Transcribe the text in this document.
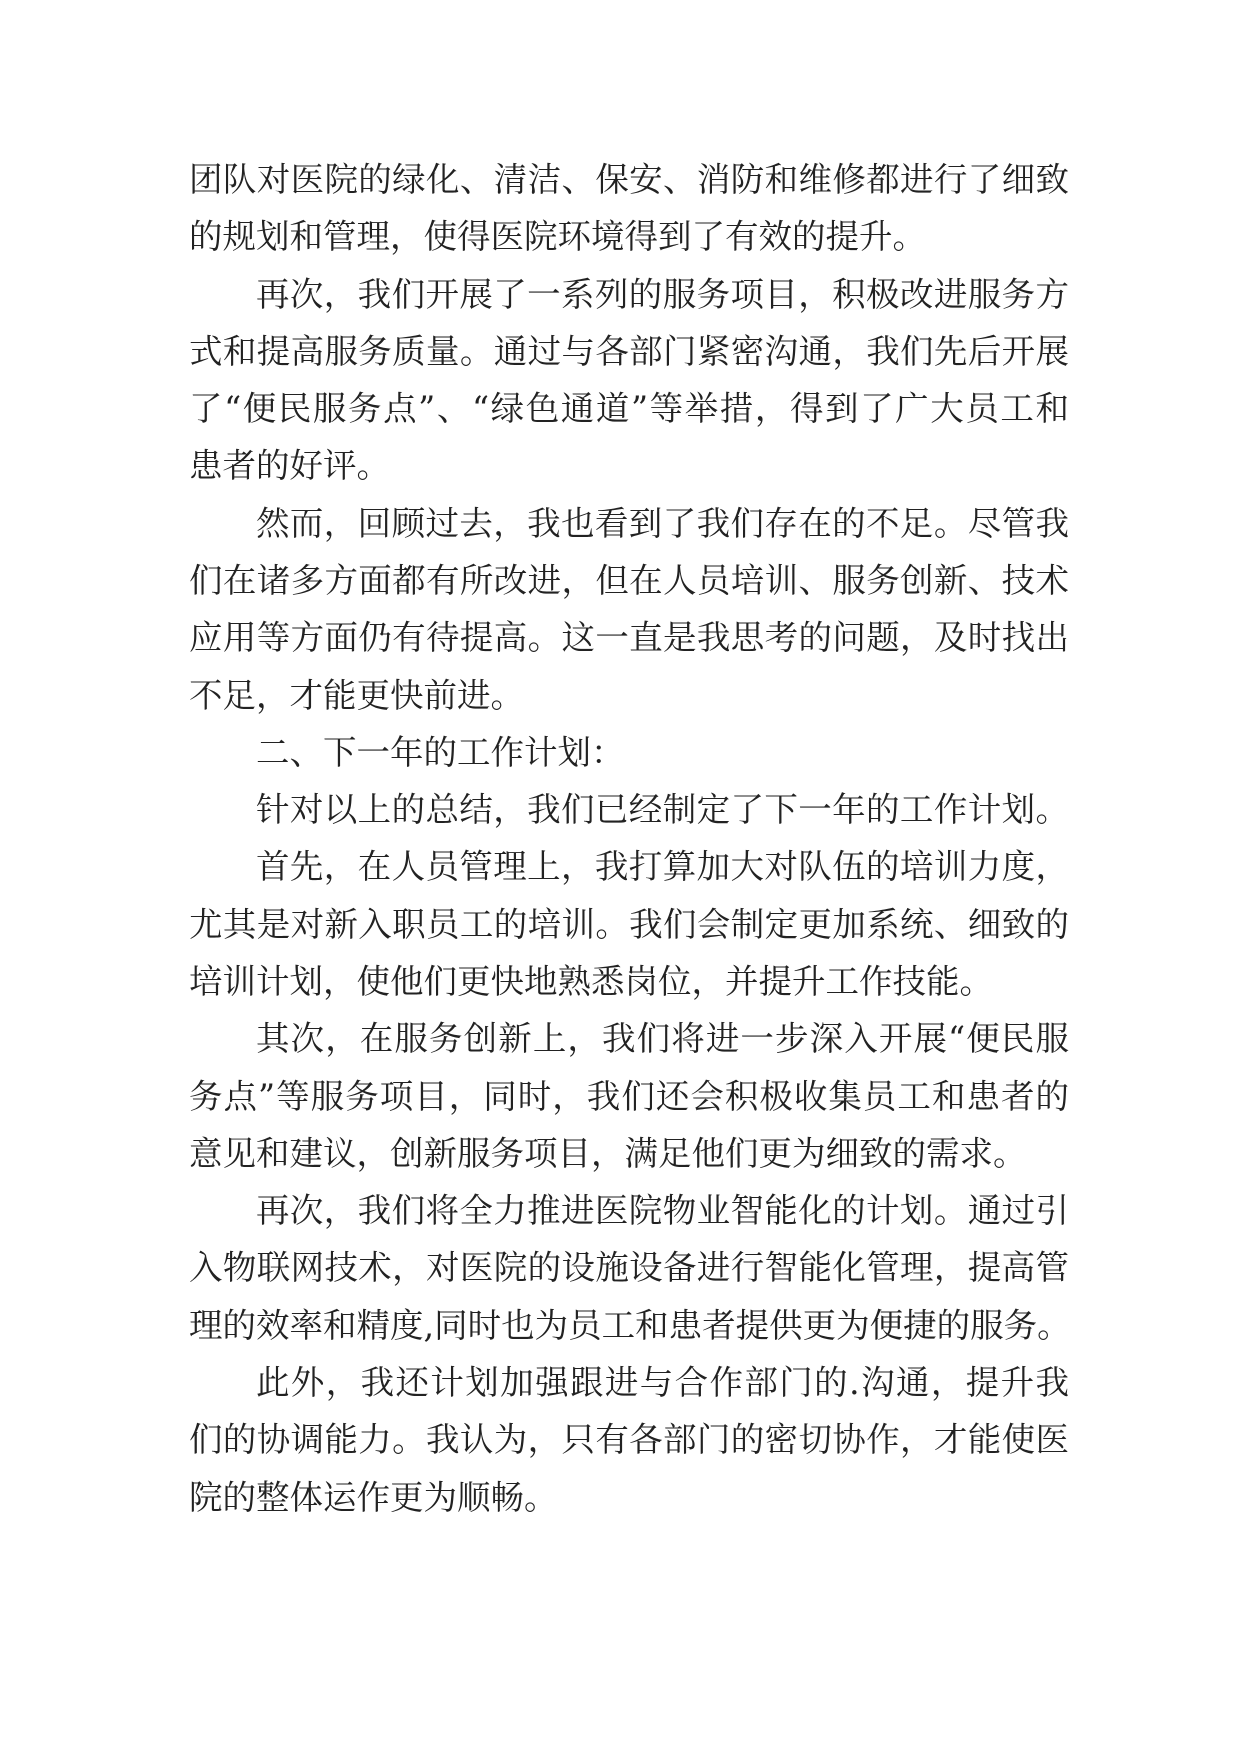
团队对医院的绿化、清洁、保安、消防和维修都进行了细致
的规划和管理，使得医院环境得到了有效的提升。
再次，我们开展了一系列的服务项目，积极改进服务方
式和提高服务质量。通过与各部门紧密沟通，我们先后开展
了“便民服务点”、“绿色通道”等举措，得到了广大员工和
患者的好评。
然而，回顾过去，我也看到了我们存在的不足。尽管我
们在诸多方面都有所改进，但在人员培训、服务创新、技术
应用等方面仍有待提高。这一直是我思考的问题，及时找出
不足，才能更快前进。
二、下一年的工作计划：
针对以上的总结，我们已经制定了下一年的工作计划。
首先，在人员管理上，我打算加大对队伍的培训力度，
尤其是对新入职员工的培训。我们会制定更加系统、细致的
培训计划，使他们更快地熟悉岗位，并提升工作技能。
其次，在服务创新上，我们将进一步深入开展“便民服
务点”等服务项目，同时，我们还会积极收集员工和患者的
意见和建议，创新服务项目，满足他们更为细致的需求。
再次，我们将全力推进医院物业智能化的计划。通过引
入物联网技术，对医院的设施设备进行智能化管理，提高管
理的效率和精度,同时也为员工和患者提供更为便捷的服务。
此外，我还计划加强跟进与合作部门的.沟通，提升我
们的协调能力。我认为，只有各部门的密切协作，才能使医
院的整体运作更为顺畅。
